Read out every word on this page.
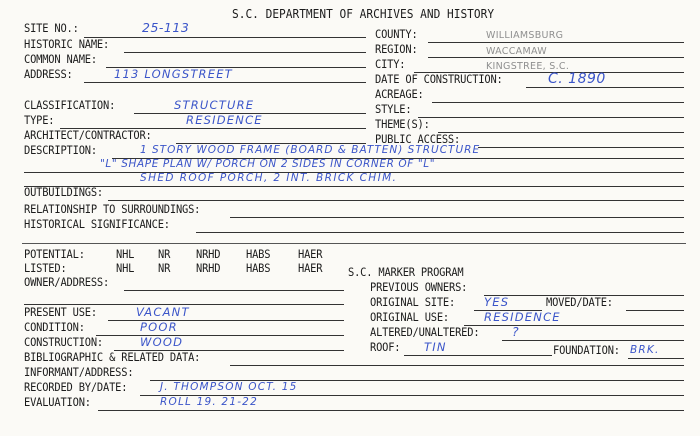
S.C. DEPARTMENT OF ARCHIVES AND HISTORY
SITE NO.:	25-113
HISTORIC NAME:
COMMON NAME:
ADDRESS:	113 LONGSTREET
COUNTY:	WILLIAMSBURG
REGION:	WACCAMAW
CITY:	KINGSTREE, S.C.
DATE OF CONSTRUCTION:	C. 1890
ACREAGE:
CLASSIFICATION:	STRUCTURE
TYPE:	RESIDENCE
ARCHITECT/CONTRACTOR:
STYLE:
THEME(S):
PUBLIC ACCESS:
DESCRIPTION:	1 STORY WOOD FRAME (BOARD & BATTEN) STRUCTURE
"L" SHAPE PLAN W/ PORCH ON 2 SIDES IN CORNER OF "L"
SHED ROOF PORCH, 2 INT. BRICK CHIM.
OUTBUILDINGS:
RELATIONSHIP TO SURROUNDINGS:
HISTORICAL SIGNIFICANCE:
POTENTIAL:	NHL NR NRHD HABS HAER
LISTED:	NHL NR NRHD HABS HAER
OWNER/ADDRESS:
S.C. MARKER PROGRAM
PREVIOUS OWNERS:
ORIGINAL SITE:	YES	MOVED/DATE:
ORIGINAL USE:	RESIDENCE
ALTERED/UNALTERED:	?
ROOF: TIN	FOUNDATION: BRK.
PRESENT USE:	VACANT
CONDITION:	POOR
CONSTRUCTION:	WOOD
BIBLIOGRAPHIC & RELATED DATA:
INFORMANT/ADDRESS:
RECORDED BY/DATE:	J. THOMPSON OCT. 15
EVALUATION:	ROLL 19. 21-22
